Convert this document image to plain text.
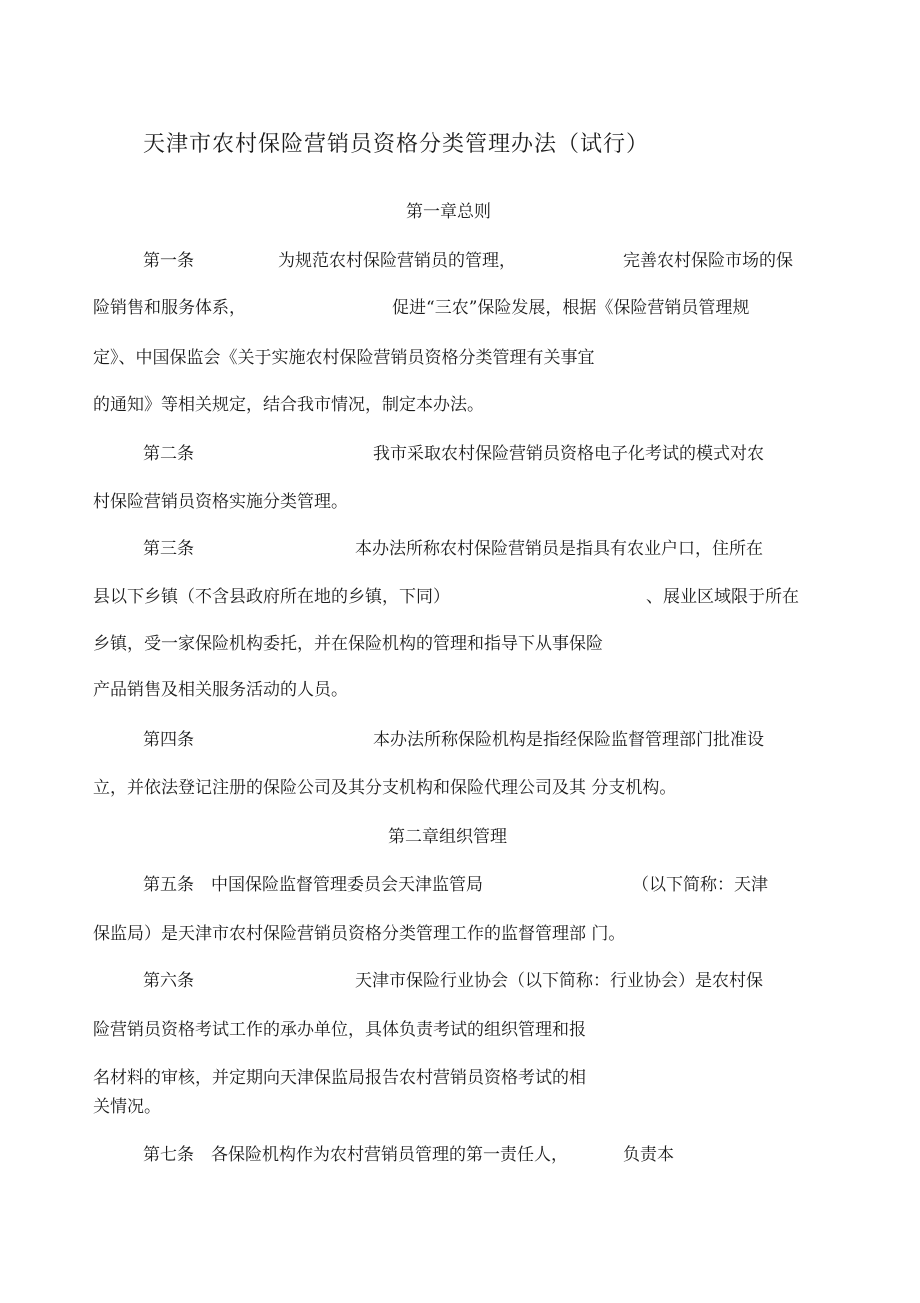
天津市农村保险营销员资格分类管理办法（试行）
第一章总则
第一条	为规范农村保险营销员的管理，	完善农村保险市场的保
险销售和服务体系，	促进“三农”保险发展，根据《保险营销员管理规
定》、中国保监会《关于实施农村保险营销员资格分类管理有关事宜
的通知》等相关规定，结合我市情况，制定本办法。
第二条	我市采取农村保险营销员资格电子化考试的模式对农
村保险营销员资格实施分类管理。
第三条	本办法所称农村保险营销员是指具有农业户口，住所在
县以下乡镇（不含县政府所在地的乡镇，下同）	、展业区域限于所在
乡镇，受一家保险机构委托，并在保险机构的管理和指导下从事保险
产品销售及相关服务活动的人员。
第四条	本办法所称保险机构是指经保险监督管理部门批准设
立，并依法登记注册的保险公司及其分支机构和保险代理公司及其 分支机构。
第二章组织管理
第五条 中国保险监督管理委员会天津监管局	（以下简称：天津
保监局）是天津市农村保险营销员资格分类管理工作的监督管理部 门。
第六条	天津市保险行业协会（以下简称：行业协会）是农村保
险营销员资格考试工作的承办单位，具体负责考试的组织管理和报
名材料的审核，并定期向天津保监局报告农村营销员资格考试的相
关情况。
第七条 各保险机构作为农村营销员管理的第一责任人，	负责本
